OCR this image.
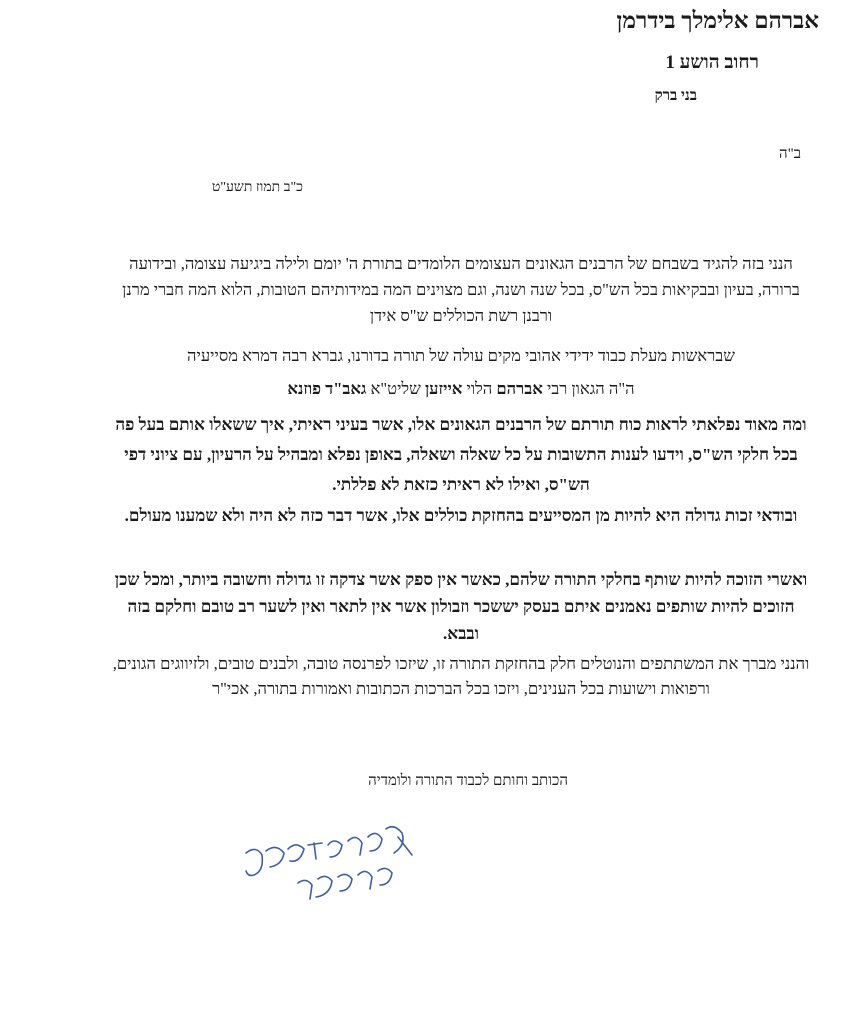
אברהם אלימלך בידרמן
רחוב הושע 1
בני ברק
ב"ה
כ"ב תמוז תשע"ט
הנני בזה להגיד בשבחם של הרבנים הגאונים העצומים הלומדים בתורת ה' יומם ולילה ביגיעה עצומה, ובידועה ברורה, בעיון ובבקיאות בכל הש"ס, בכל שנה ושנה, וגם מצוינים המה במידותיהם הטובות, הלוא המה חברי מרנן ורבנן רשת הכוללים ש"ס אידן
שבראשות מעלת כבוד ידידי אהובי מקים עולה של תורה בדורנו, גברא רבה דמרא מסייעיה
ה"ה הגאון רבי אברהם הלוי אייזען שליט"א גאב"ד פוזנא
ומה מאוד נפלאתי לראות כוח תורתם של הרבנים הגאונים אלו, אשר בעיני ראיתי, איך ששאלו אותם בעל פה בכל חלקי הש"ס, וידעו לענות התשובות על כל שאלה ושאלה, באופן נפלא ומבהיל על הרעיון, עם ציוני דפי הש"ס, ואילו לא ראיתי כזאת לא פללתי.
ובודאי זכות גדולה היא להיות מן המסייעים בהחזקת כוללים אלו, אשר דבר כזה לא היה ולא שמענו מעולם.
ואשרי הזוכה להיות שותף בחלקי התורה שלהם, כאשר אין ספק אשר צדקה זו גדולה וחשובה ביותר, ומכל שכן הזוכים להיות שותפים נאמנים איתם בעסק יששכר וזבולון אשר אין לתאר ואין לשער רב טובם וחלקם בזה ובבא.
והנני מברך את המשתתפים והנוטלים חלק בהחזקת התורה זו, שיזכו לפרנסה טובה, ולבנים טובים, ולזיווגים הגונים, ורפואות וישועות בכל הענינים, ויזכו בכל הברכות הכתובות ואמורות בתורה, אכי"ר
הכותב וחותם לכבוד התורה ולומדיה
